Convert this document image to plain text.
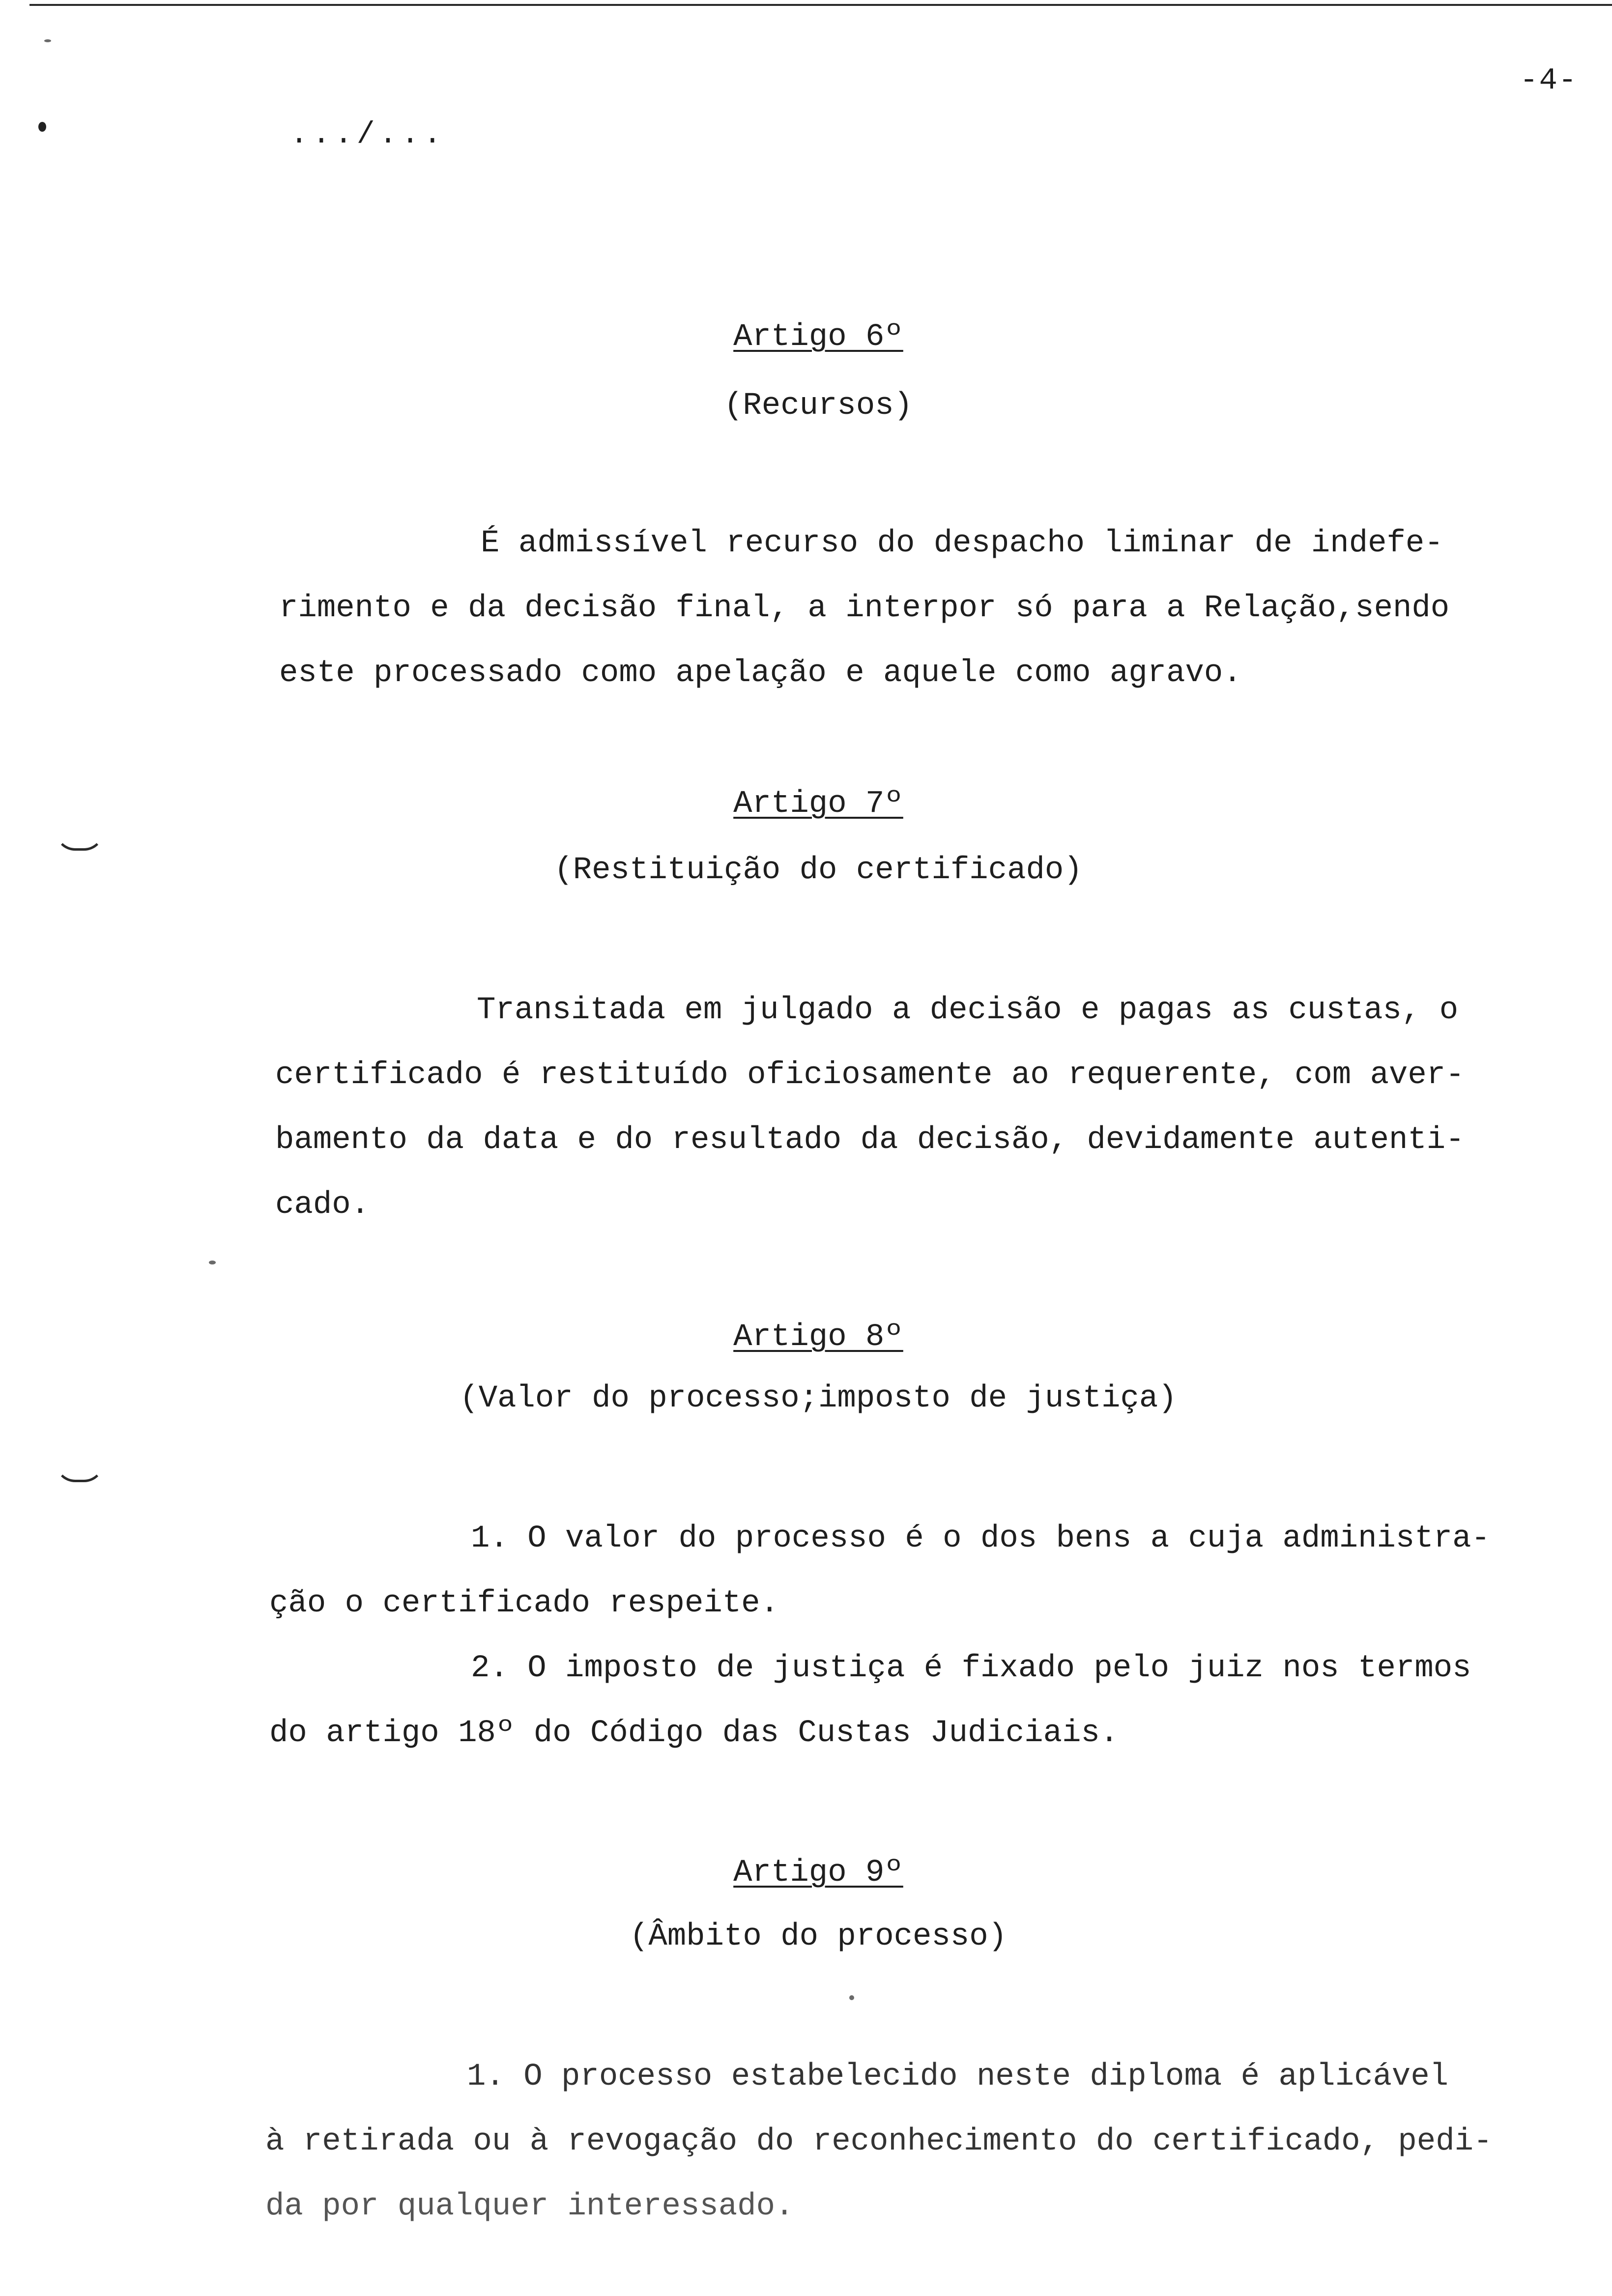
-4-
.../...
Artigo 6º
(Recursos)
É admissível recurso do despacho liminar de indefe-
rimento e da decisão final, a interpor só para a Relação,sendo
este processado como apelação e aquele como agravo.
Artigo 7º
(Restituição do certificado)
Transitada em julgado a decisão e pagas as custas, o
certificado é restituído oficiosamente ao requerente, com aver-
bamento da data e do resultado da decisão, devidamente autenti-
cado.
Artigo 8º
(Valor do processo;imposto de justiça)
1. O valor do processo é o dos bens a cuja administra-
ção o certificado respeite.
2. O imposto de justiça é fixado pelo juiz nos termos
do artigo 18º do Código das Custas Judiciais.
Artigo 9º
(Âmbito do processo)
1. O processo estabelecido neste diploma é aplicável
à retirada ou à revogação do reconhecimento do certificado, pedi-
da por qualquer interessado.
